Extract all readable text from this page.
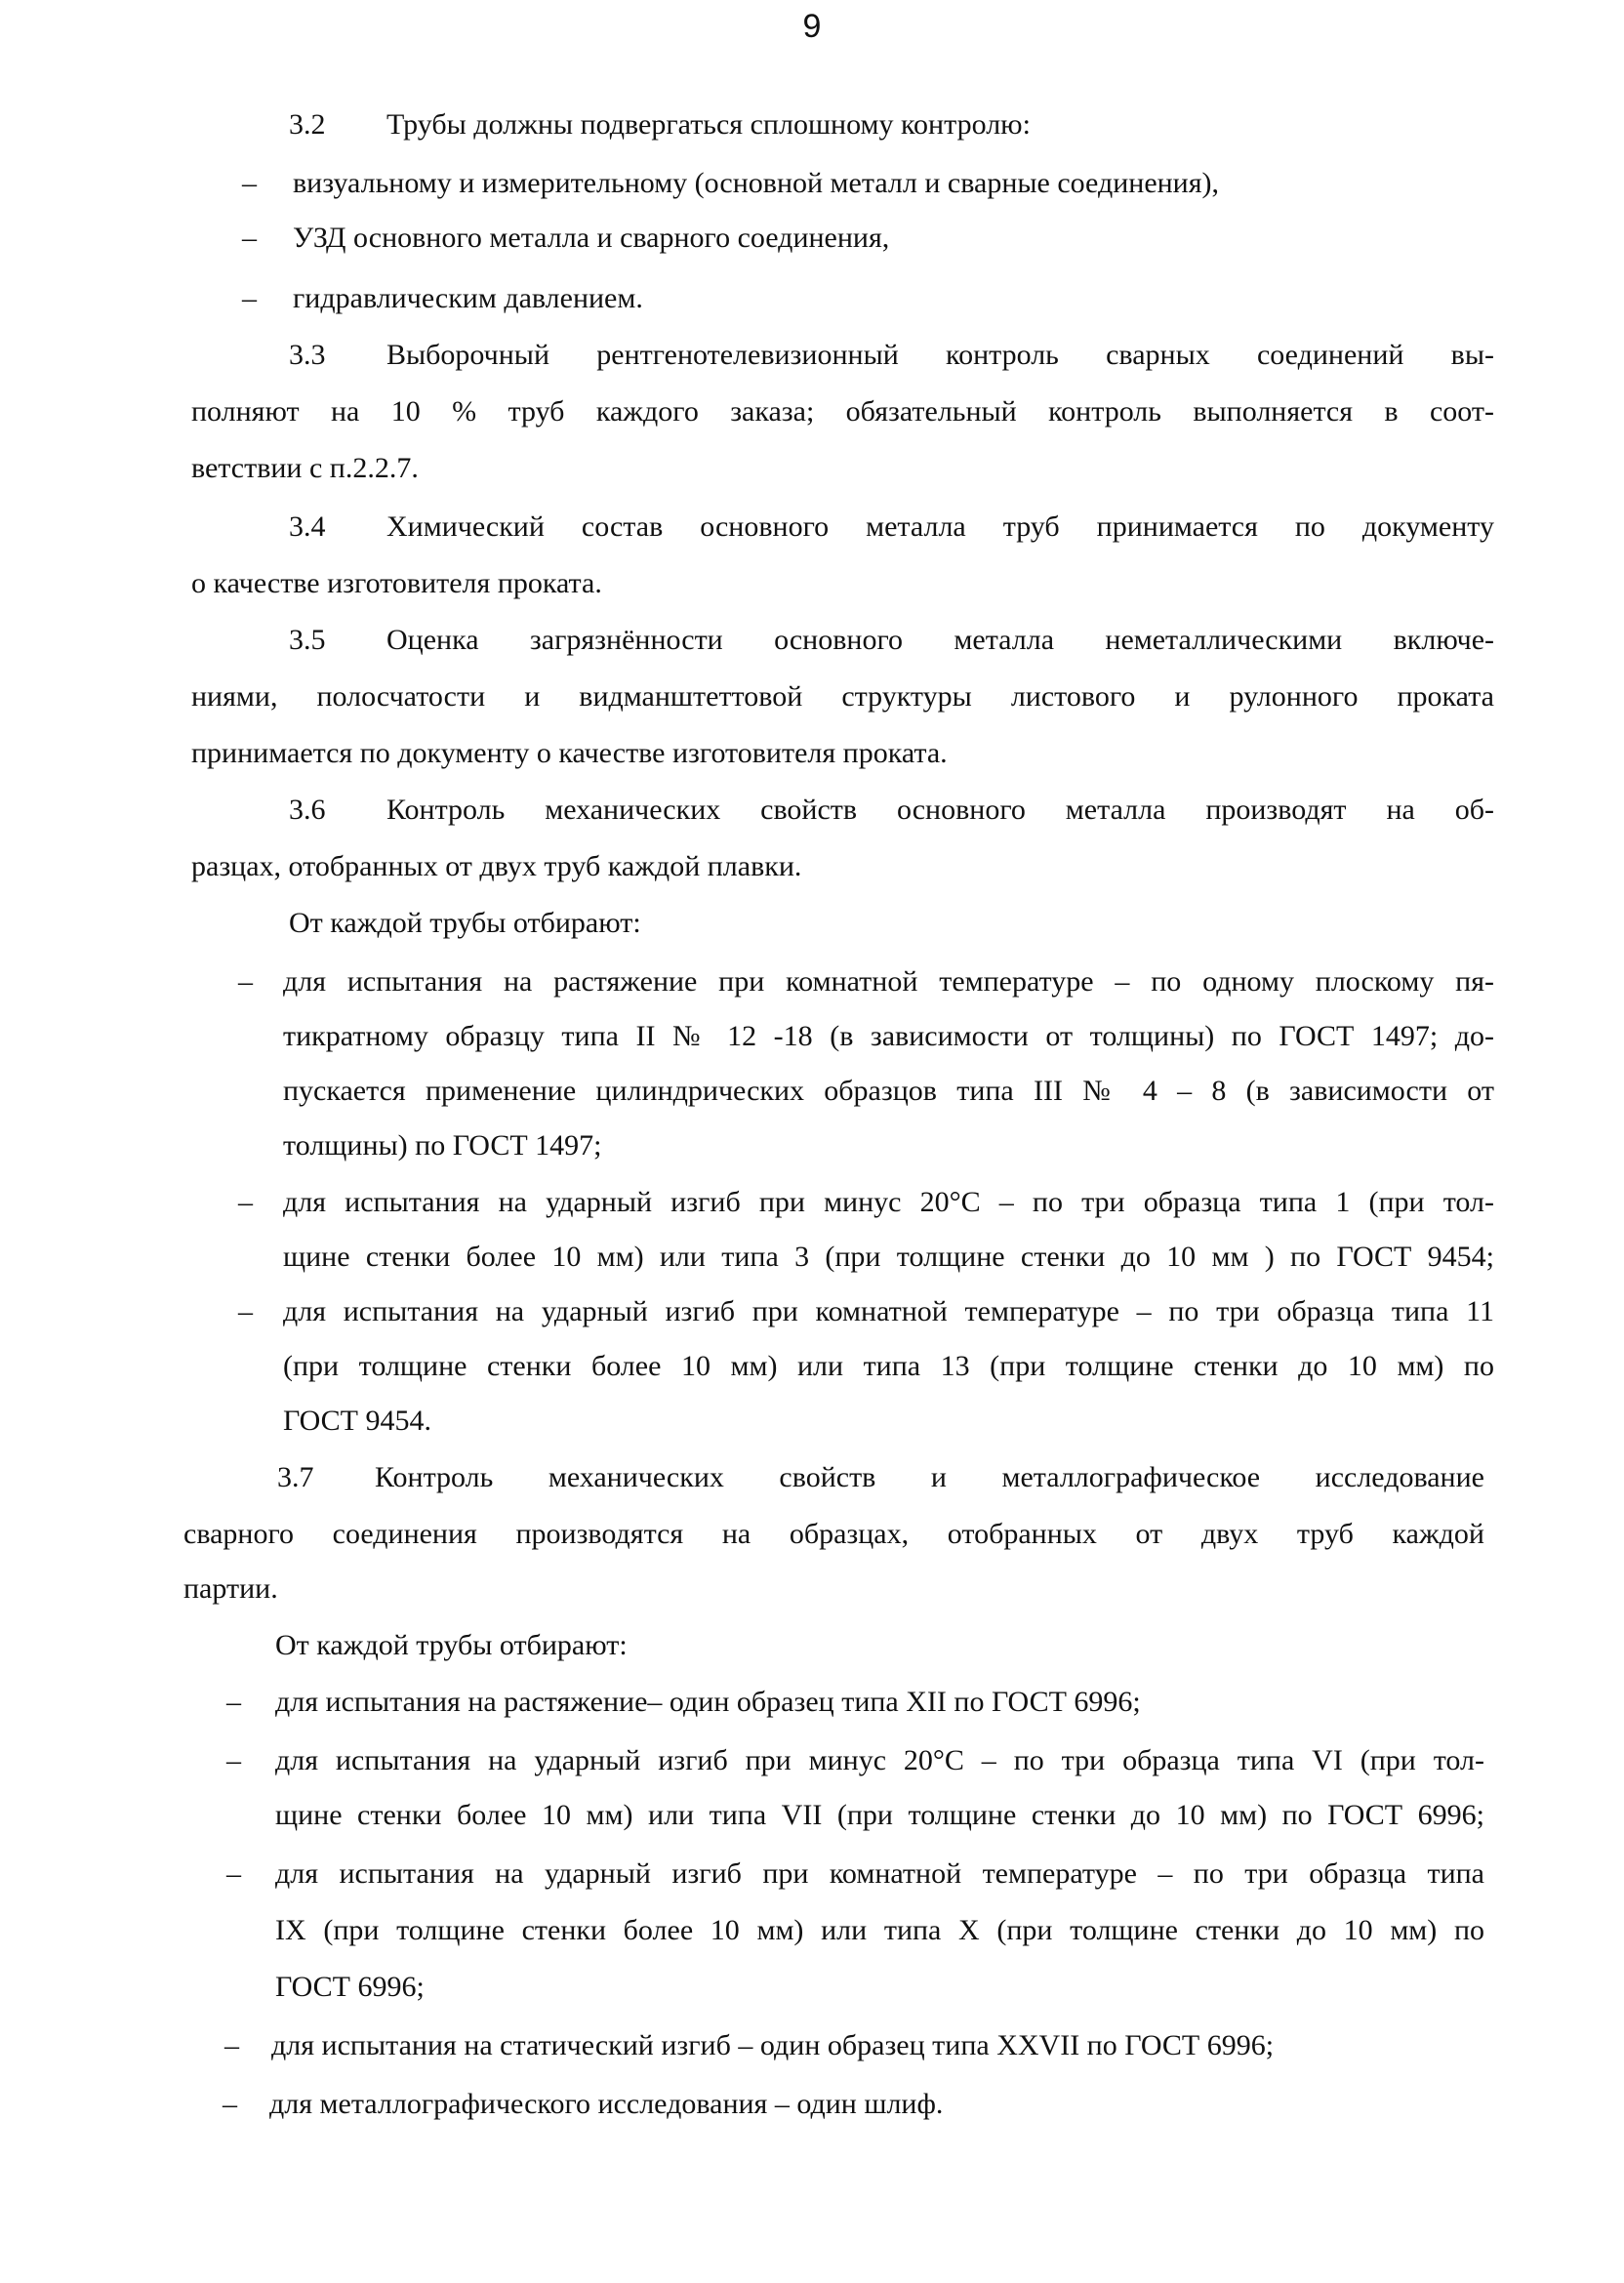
9
3.2 Трубы должны подвергаться сплошному контролю:
– визуальному и измерительному (основной металл и сварные соединения),
– УЗД основного металла и сварного соединения,
– гидравлическим давлением.
3.3 Выборочный рентгенотелевизионный контроль сварных соединений вы-
полняют на 10 % труб каждого заказа; обязательный контроль выполняется в соот-
ветствии с п.2.2.7.
3.4 Химический состав основного металла труб принимается по документу
о качестве изготовителя проката.
3.5 Оценка загрязнённости основного металла неметаллическими включе-
ниями, полосчатости и видманштеттовой структуры листового и рулонного проката
принимается по документу о качестве изготовителя проката.
3.6 Контроль механических свойств основного металла производят на об-
разцах, отобранных от двух труб каждой плавки.
От каждой трубы отбирают:
– для испытания на растяжение при комнатной температуре – по одному плоскому пя-
тикратному образцу типа II № 12 -18 (в зависимости от толщины) по ГОСТ 1497; до-
пускается применение цилиндрических образцов типа III № 4 – 8 (в зависимости от
толщины) по ГОСТ 1497;
– для испытания на ударный изгиб при минус 20°С – по три образца типа 1 (при тол-
щине стенки более 10 мм) или типа 3 (при толщине стенки до 10 мм ) по ГОСТ 9454;
– для испытания на ударный изгиб при комнатной температуре – по три образца типа 11
(при толщине стенки более 10 мм) или типа 13 (при толщине стенки до 10 мм) по
ГОСТ 9454.
3.7 Контроль механических свойств и металлографическое исследование
сварного соединения производятся на образцах, отобранных от двух труб каждой
партии.
От каждой трубы отбирают:
– для испытания на растяжение– один образец типа XII по ГОСТ 6996;
– для испытания на ударный изгиб при минус 20°С – по три образца типа VI (при тол-
щине стенки более 10 мм) или типа VII (при толщине стенки до 10 мм) по ГОСТ 6996;
– для испытания на ударный изгиб при комнатной температуре – по три образца типа
IX (при толщине стенки более 10 мм) или типа X (при толщине стенки до 10 мм) по
ГОСТ 6996;
– для испытания на статический изгиб – один образец типа XXVII по ГОСТ 6996;
– для металлографического исследования – один шлиф.
